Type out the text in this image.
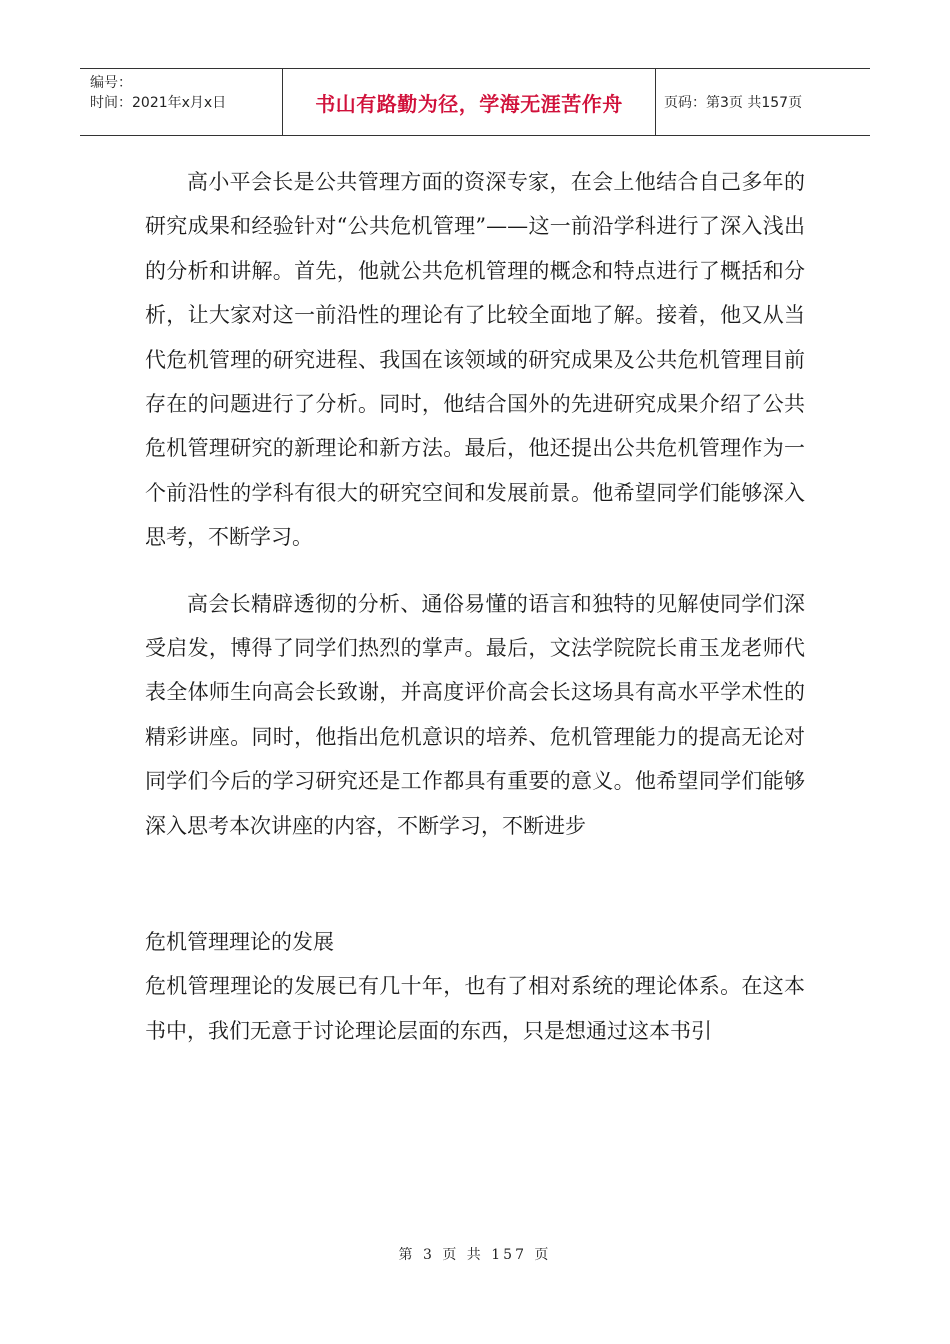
编号：
时间：2021年x月x日	书山有路勤为径，学海无涯苦作舟	页码：第3页 共157页

高小平会长是公共管理方面的资深专家，在会上他结合自己多年的研究成果和经验针对“公共危机管理”——这一前沿学科进行了深入浅出的分析和讲解。首先，他就公共危机管理的概念和特点进行了概括和分析，让大家对这一前沿性的理论有了比较全面地了解。接着，他又从当代危机管理的研究进程、我国在该领域的研究成果及公共危机管理目前存在的问题进行了分析。同时，他结合国外的先进研究成果介绍了公共危机管理研究的新理论和新方法。最后，他还提出公共危机管理作为一个前沿性的学科有很大的研究空间和发展前景。他希望同学们能够深入思考，不断学习。

高会长精辟透彻的分析、通俗易懂的语言和独特的见解使同学们深受启发，博得了同学们热烈的掌声。最后，文法学院院长甫玉龙老师代表全体师生向高会长致谢，并高度评价高会长这场具有高水平学术性的精彩讲座。同时，他指出危机意识的培养、危机管理能力的提高无论对同学们今后的学习研究还是工作都具有重要的意义。他希望同学们能够深入思考本次讲座的内容，不断学习，不断进步

危机管理理论的发展

危机管理理论的发展已有几十年，也有了相对系统的理论体系。在这本书中，我们无意于讨论理论层面的东西，只是想通过这本书引

第 3 页 共 157 页
